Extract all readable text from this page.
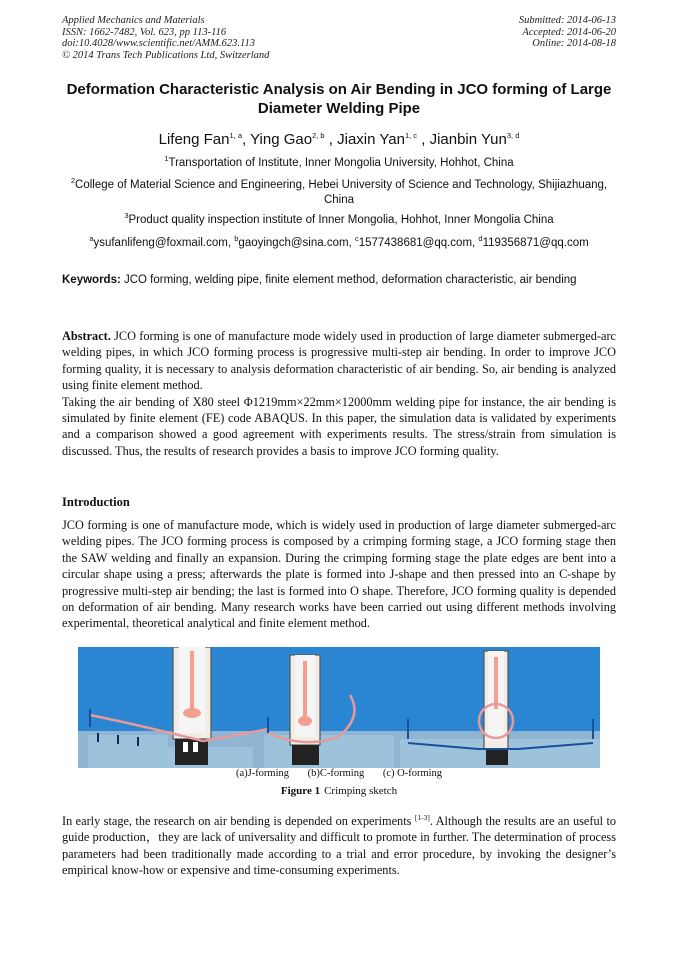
Applied Mechanics and Materials
ISSN: 1662-7482, Vol. 623, pp 113-116
doi:10.4028/www.scientific.net/AMM.623.113
© 2014 Trans Tech Publications Ltd, Switzerland
Submitted: 2014-06-13
Accepted: 2014-06-20
Online: 2014-08-18
Deformation Characteristic Analysis on Air Bending in JCO forming of Large Diameter Welding Pipe
Lifeng Fan$^{1, a}$, Ying Gao$^{2, b}$ , Jiaxin Yan$^{1, c}$ , Jianbin Yun$^{3, d}$
$^1$Transportation of Institute, Inner Mongolia University, Hohhot, China
$^2$College of Material Science and Engineering, Hebei University of Science and Technology, Shijiazhuang, China
$^3$Product quality inspection institute of Inner Mongolia, Hohhot, Inner Mongolia China
$^a$ysufanlifeng@foxmail.com, $^b$gaoyingch@sina.com, $^c$1577438681@qq.com, $^d$119356871@qq.com
Keywords: JCO forming, welding pipe, finite element method, deformation characteristic, air bending

Abstract. JCO forming is one of manufacture mode widely used in production of large diameter submerged-arc welding pipes, in which JCO forming process is progressive multi-step air bending. In order to improve JCO forming quality, it is necessary to analysis deformation characteristic of air bending. So, air bending is analyzed using finite element method.

Taking the air bending of X80 steel Φ1219mm×22mm×12000mm welding pipe for instance, the air bending is simulated by finite element (FE) code ABAQUS. In this paper, the simulation data is validated by experiments and a comparison showed a good agreement with experiments results. The stress/strain from simulation is discussed. Thus, the results of research provides a basis to improve JCO forming quality.

Introduction

JCO forming is one of manufacture mode, which is widely used in production of large diameter submerged-arc welding pipes. The JCO forming process is composed by a crimping forming stage, a JCO forming stage then the SAW welding and finally an expansion. During the crimping forming stage the plate edges are bent into a circular shape using a press; afterwards the plate is formed into J-shape and then pressed into an C-shape by progressive multi-step air bending; the last is formed into O shape. Therefore, JCO forming quality is depended on deformation of air bending. Many research works have been carried out using different methods involving experimental, theoretical analytical and finite element method.

(a)J-forming (b)C-forming (c) O-forming
Figure 1 Crimping sketch

In early stage, the research on air bending is depended on experiments [1-3]. Although the results are an useful to guide production，they are lack of universality and difficult to promote in further. The determination of process parameters had been traditionally made according to a trial and error procedure, by invoking the designer’s empirical know-how or expensive and time-consuming experiments.
